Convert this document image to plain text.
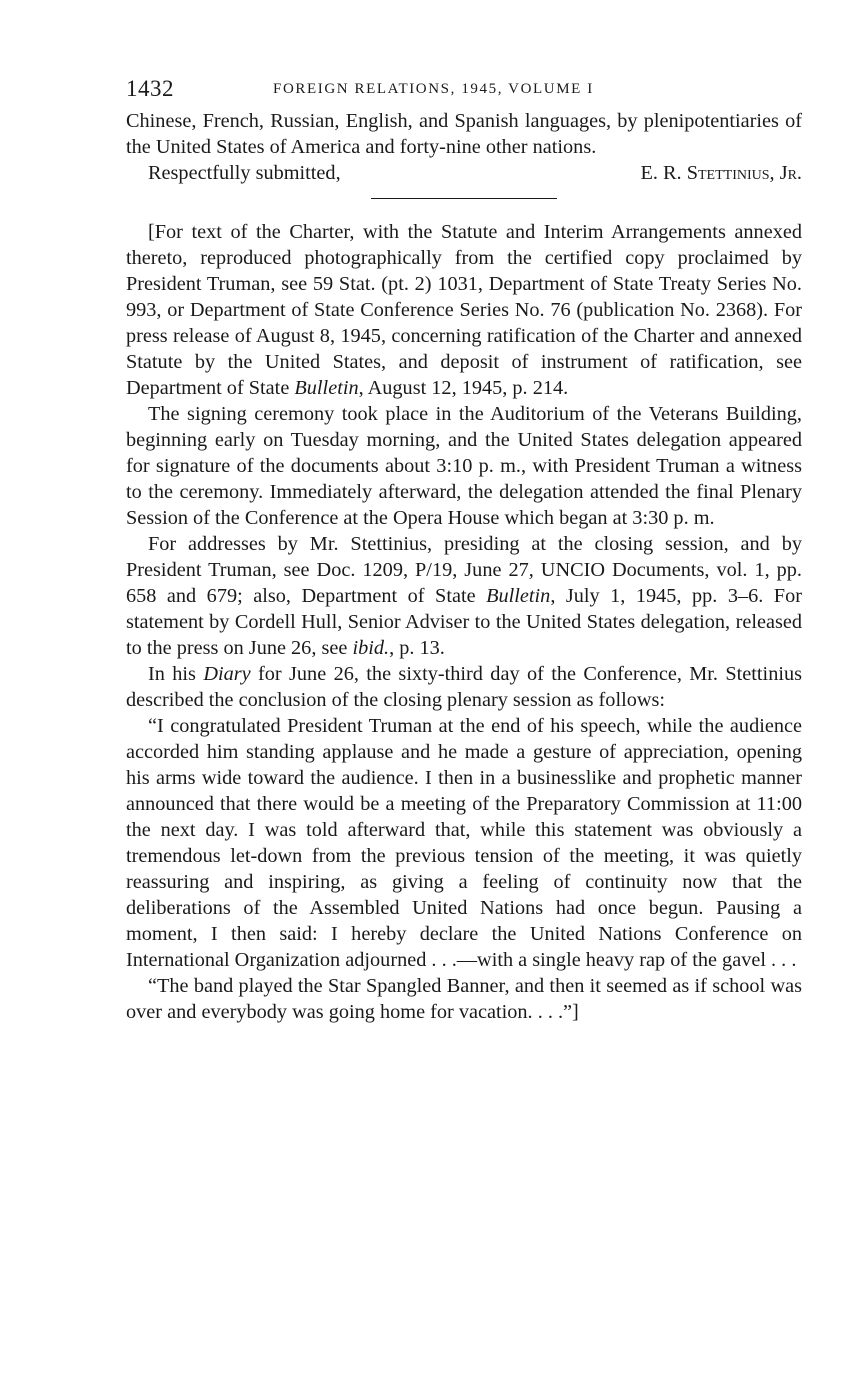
1432	FOREIGN RELATIONS, 1945, VOLUME I

Chinese, French, Russian, English, and Spanish languages, by plenipotentiaries of the United States of America and forty-nine other nations.

Respectfully submitted,	E. R. Stettinius, Jr.

[For text of the Charter, with the Statute and Interim Arrangements annexed thereto, reproduced photographically from the certified copy proclaimed by President Truman, see 59 Stat. (pt. 2) 1031, Department of State Treaty Series No. 993, or Department of State Conference Series No. 76 (publication No. 2368). For press release of August 8, 1945, concerning ratification of the Charter and annexed Statute by the United States, and deposit of instrument of ratification, see Department of State Bulletin, August 12, 1945, p. 214.

The signing ceremony took place in the Auditorium of the Veterans Building, beginning early on Tuesday morning, and the United States delegation appeared for signature of the documents about 3:10 p. m., with President Truman a witness to the ceremony. Immediately afterward, the delegation attended the final Plenary Session of the Conference at the Opera House which began at 3:30 p. m.

For addresses by Mr. Stettinius, presiding at the closing session, and by President Truman, see Doc. 1209, P/19, June 27, UNCIO Documents, vol. 1, pp. 658 and 679; also, Department of State Bulletin, July 1, 1945, pp. 3–6. For statement by Cordell Hull, Senior Adviser to the United States delegation, released to the press on June 26, see ibid., p. 13.

In his Diary for June 26, the sixty-third day of the Conference, Mr. Stettinius described the conclusion of the closing plenary session as follows:

“I congratulated President Truman at the end of his speech, while the audience accorded him standing applause and he made a gesture of appreciation, opening his arms wide toward the audience. I then in a businesslike and prophetic manner announced that there would be a meeting of the Preparatory Commission at 11:00 the next day. I was told afterward that, while this statement was obviously a tremendous let-down from the previous tension of the meeting, it was quietly reassuring and inspiring, as giving a feeling of continuity now that the deliberations of the Assembled United Nations had once begun. Pausing a moment, I then said: I hereby declare the United Nations Conference on International Organization adjourned . . .—with a single heavy rap of the gavel . . .

“The band played the Star Spangled Banner, and then it seemed as if school was over and everybody was going home for vacation. . . .”]
